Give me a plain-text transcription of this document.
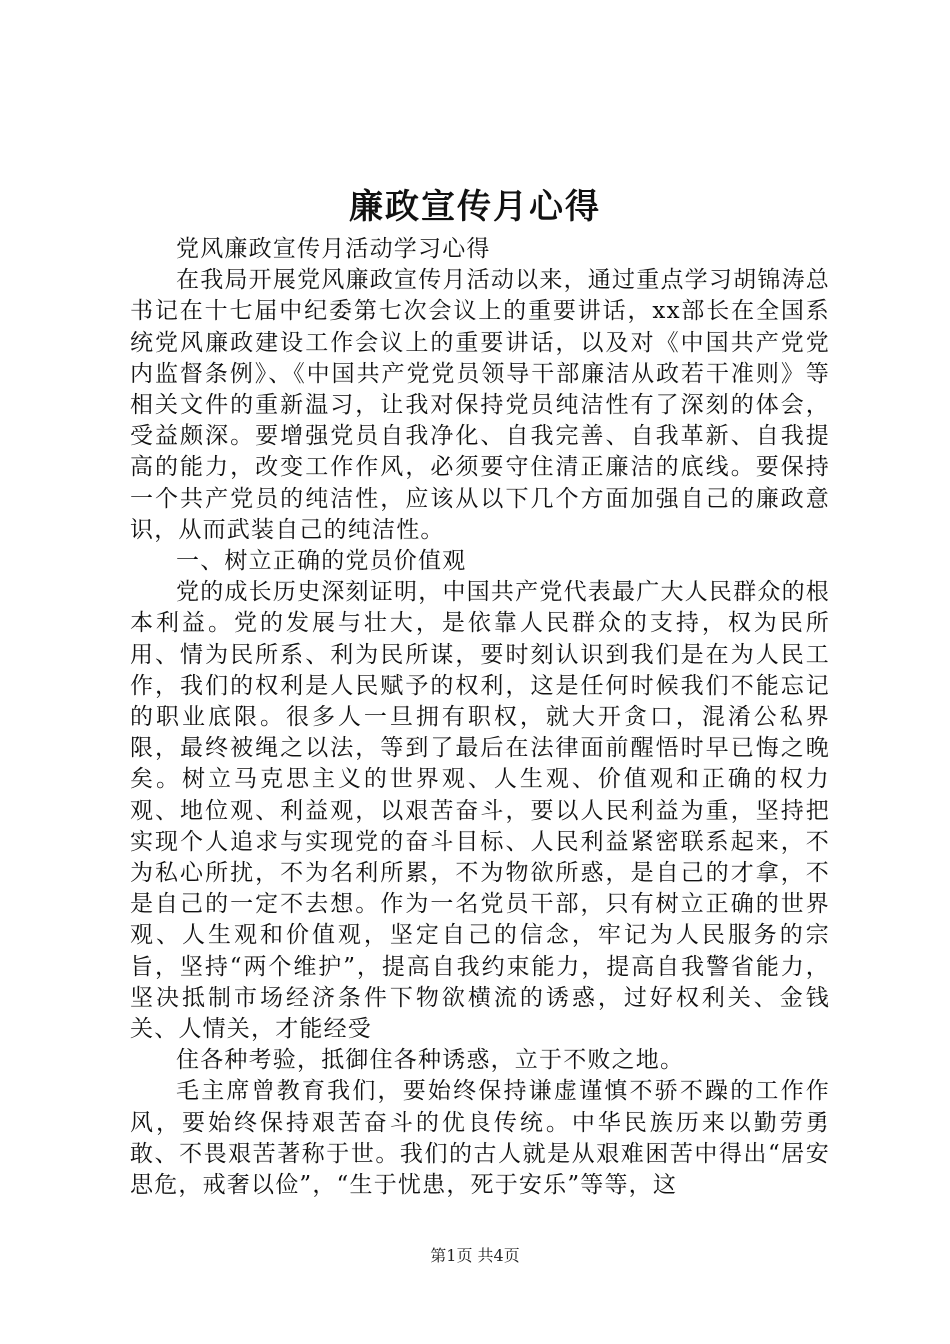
廉政宣传月心得

党风廉政宣传月活动学习心得

在我局开展党风廉政宣传月活动以来，通过重点学习胡锦涛总书记在十七届中纪委第七次会议上的重要讲话，xx部长在全国系统党风廉政建设工作会议上的重要讲话，以及对《中国共产党党内监督条例》、《中国共产党党员领导干部廉洁从政若干准则》等相关文件的重新温习，让我对保持党员纯洁性有了深刻的体会，受益颇深。要增强党员自我净化、自我完善、自我革新、自我提高的能力，改变工作作风，必须要守住清正廉洁的底线。要保持一个共产党员的纯洁性，应该从以下几个方面加强自己的廉政意识，从而武装自己的纯洁性。

一、树立正确的党员价值观

党的成长历史深刻证明，中国共产党代表最广大人民群众的根本利益。党的发展与壮大，是依靠人民群众的支持，权为民所用、情为民所系、利为民所谋，要时刻认识到我们是在为人民工作，我们的权利是人民赋予的权利，这是任何时候我们不能忘记的职业底限。很多人一旦拥有职权，就大开贪口，混淆公私界限，最终被绳之以法，等到了最后在法律面前醒悟时早已悔之晚矣。树立马克思主义的世界观、人生观、价值观和正确的权力观、地位观、利益观，以艰苦奋斗，要以人民利益为重，坚持把实现个人追求与实现党的奋斗目标、人民利益紧密联系起来，不为私心所扰，不为名利所累，不为物欲所惑，是自己的才拿，不是自己的一定不去想。作为一名党员干部，只有树立正确的世界观、人生观和价值观，坚定自己的信念，牢记为人民服务的宗旨，坚持“两个维护”，提高自我约束能力，提高自我警省能力，坚决抵制市场经济条件下物欲横流的诱惑，过好权利关、金钱关、人情关，才能经受

住各种考验，抵御住各种诱惑，立于不败之地。

毛主席曾教育我们，要始终保持谦虚谨慎不骄不躁的工作作风，要始终保持艰苦奋斗的优良传统。中华民族历来以勤劳勇敢、不畏艰苦著称于世。我们的古人就是从艰难困苦中得出“居安思危，戒奢以俭”，“生于忧患，死于安乐”等等，这

第1页 共4页
